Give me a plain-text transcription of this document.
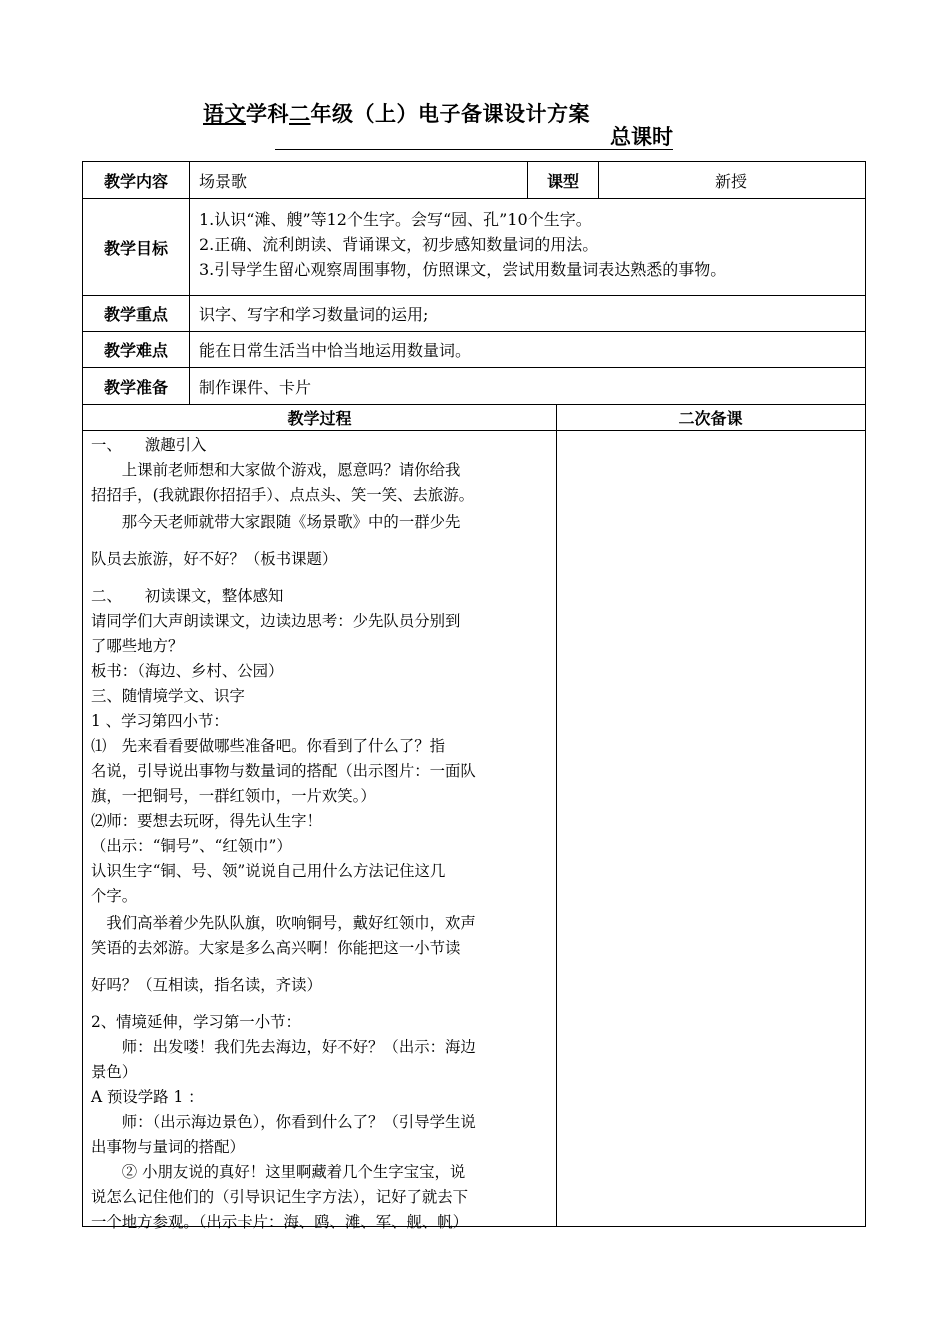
语文学科二年级（上）电子备课设计方案
总课时
教学内容	场景歌	课型	新授
教学目标
1.认识“滩、艘”等12个生字。会写“园、孔”10个生字。
2.正确、流利朗读、背诵课文，初步感知数量词的用法。
3.引导学生留心观察周围事物，仿照课文，尝试用数量词表达熟悉的事物。
教学重点	识字、写字和学习数量词的运用;
教学难点	能在日常生活当中恰当地运用数量词。
教学准备	制作课件、卡片
教学过程	二次备课

一、　　激趣引入

　　上课前老师想和大家做个游戏，愿意吗？请你给我

招招手，(我就跟你招招手）、点点头、笑一笑、去旅游。

　　那今天老师就带大家跟随《场景歌》中的一群少先

队员去旅游，好不好？（板书课题）

二、　　初读课文，整体感知

请同学们大声朗读课文，边读边思考：少先队员分别到

了哪些地方？

板书：（海边、乡村、公园）

三、随情境学文、识字

1 、学习第四小节：

⑴　先来看看要做哪些准备吧。你看到了什么了？指

名说，引导说出事物与数量词的搭配（出示图片：一面队

旗，一把铜号，一群红领巾，一片欢笑。）

⑵师：要想去玩呀，得先认生字！

（出示：“铜号”、“红领巾”）

认识生字“铜、号、领”说说自己用什么方法记住这几

个字。

　我们高举着少先队队旗，吹响铜号，戴好红领巾，欢声

笑语的去郊游。大家是多么高兴啊！你能把这一小节读

好吗？（互相读，指名读，齐读）

2、情境延伸，学习第一小节：

　　师：出发喽！我们先去海边，好不好？（出示：海边

景色）

A 预设学路 1 ：

　　师：（出示海边景色），你看到什么了？（引导学生说

出事物与量词的搭配）

　　② 小朋友说的真好！这里啊藏着几个生字宝宝，说

说怎么记住他们的（引导识记生字方法），记好了就去下

一个地方参观。（出示卡片：海、鸥、滩、军、舰、帆）
